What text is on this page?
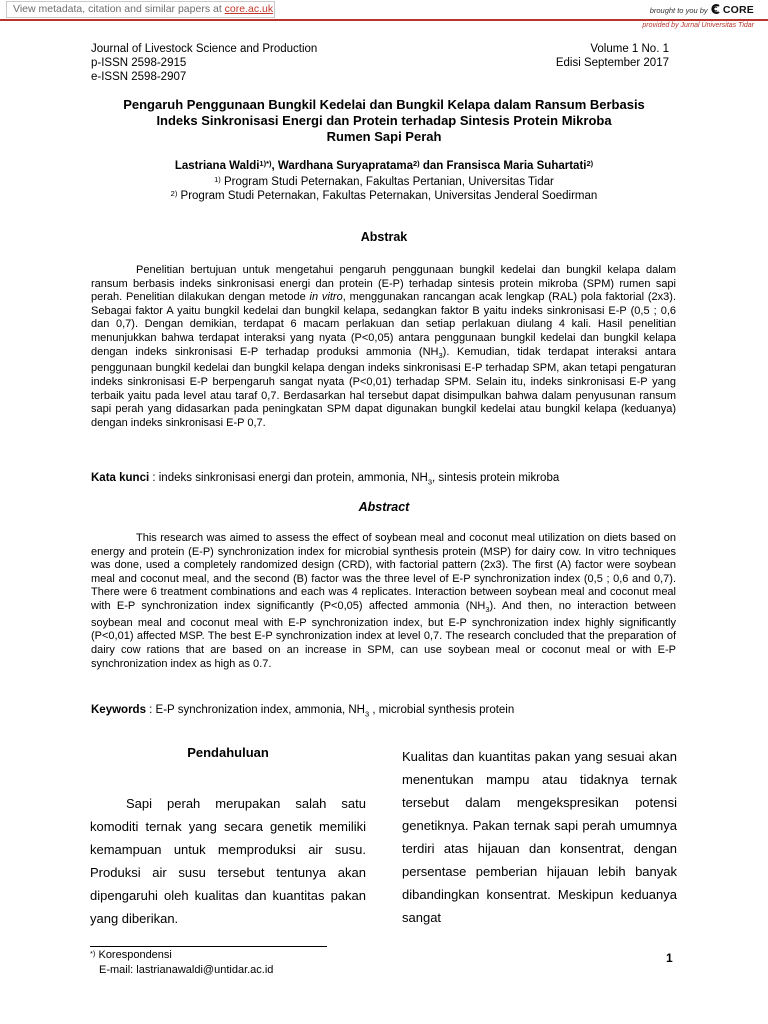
View metadata, citation and similar papers at core.ac.uk	brought to you by CORE
provided by Jurnal Universitas Tidar
Journal of Livestock Science and Production
p-ISSN 2598-2915
e-ISSN 2598-2907
Volume 1 No. 1
Edisi September 2017
Pengaruh Penggunaan Bungkil Kedelai dan Bungkil Kelapa dalam Ransum Berbasis
Indeks Sinkronisasi Energi dan Protein terhadap Sintesis Protein Mikroba
Rumen Sapi Perah
Lastriana Waldi$^{1)*)}$, Wardhana Suryapratama$^{2)}$ dan Fransisca Maria Suhartati$^{2)}$
$^{1)}$ Program Studi Peternakan, Fakultas Pertanian, Universitas Tidar
$^{2)}$ Program Studi Peternakan, Fakultas Peternakan, Universitas Jenderal Soedirman
Abstrak
Penelitian bertujuan untuk mengetahui pengaruh penggunaan bungkil kedelai dan bungkil kelapa dalam ransum berbasis indeks sinkronisasi energi dan protein (E-P) terhadap sintesis protein mikroba (SPM) rumen sapi perah. Penelitian dilakukan dengan metode in vitro, menggunakan rancangan acak lengkap (RAL) pola faktorial (2x3). Sebagai faktor A yaitu bungkil kedelai dan bungkil kelapa, sedangkan faktor B yaitu indeks sinkronisasi E-P (0,5 ; 0,6 dan 0,7). Dengan demikian, terdapat 6 macam perlakuan dan setiap perlakuan diulang 4 kali. Hasil penelitian menunjukkan bahwa terdapat interaksi yang nyata (P<0,05) antara penggunaan bungkil kedelai dan bungkil kelapa dengan indeks sinkronisasi E-P terhadap produksi ammonia $(NH_3)$. Kemudian, tidak terdapat interaksi antara penggunaan bungkil kedelai dan bungkil kelapa dengan indeks sinkronisasi E-P terhadap SPM, akan tetapi pengaturan indeks sinkronisasi E-P berpengaruh sangat nyata (P<0,01) terhadap SPM. Selain itu, indeks sinkronisasi E-P yang terbaik yaitu pada level atau taraf 0,7. Berdasarkan hal tersebut dapat disimpulkan bahwa dalam penyusunan ransum sapi perah yang didasarkan pada peningkatan SPM dapat digunakan bungkil kedelai atau bungkil kelapa (keduanya) dengan indeks sinkronisasi E-P 0,7.
Kata kunci : indeks sinkronisasi energi dan protein, ammonia, $NH_3$, sintesis protein mikroba
Abstract
This research was aimed to assess the effect of soybean meal and coconut meal utilization on diets based on energy and protein (E-P) synchronization index for microbial synthesis protein (MSP) for dairy cow. In vitro techniques was done, used a completely randomized design (CRD), with factorial pattern (2x3). The first (A) factor were soybean meal and coconut meal, and the second (B) factor was the three level of E-P synchronization index (0,5 ; 0,6 and 0,7). There were 6 treatment combinations and each was 4 replicates. Interaction between soybean meal and coconut meal with E-P synchronization index significantly (P<0,05) affected ammonia $(NH_3)$. And then, no interaction between soybean meal and coconut meal with E-P synchronization index, but E-P synchronization index highly significantly (P<0,01) affected MSP. The best E-P synchronization index at level 0,7. The research concluded that the preparation of dairy cow rations that are based on an increase in SPM, can use soybean meal or coconut meal or with E-P synchronization index as high as 0.7.
Keywords : E-P synchronization index, ammonia, $NH_3$ , microbial synthesis protein
Pendahuluan
Sapi perah merupakan salah satu komoditi ternak yang secara genetik memiliki kemampuan untuk memproduksi air susu. Produksi air susu tersebut tentunya akan dipengaruhi oleh kualitas dan kuantitas pakan yang diberikan.
Kualitas dan kuantitas pakan yang sesuai akan menentukan mampu atau tidaknya ternak tersebut dalam mengekspresikan potensi genetiknya. Pakan ternak sapi perah umumnya terdiri atas hijauan dan konsentrat, dengan persentase pemberian hijauan lebih banyak dibandingkan konsentrat. Meskipun keduanya sangat
*) Korespondensi
E-mail: lastrianawaldi@untidar.ac.id
1
